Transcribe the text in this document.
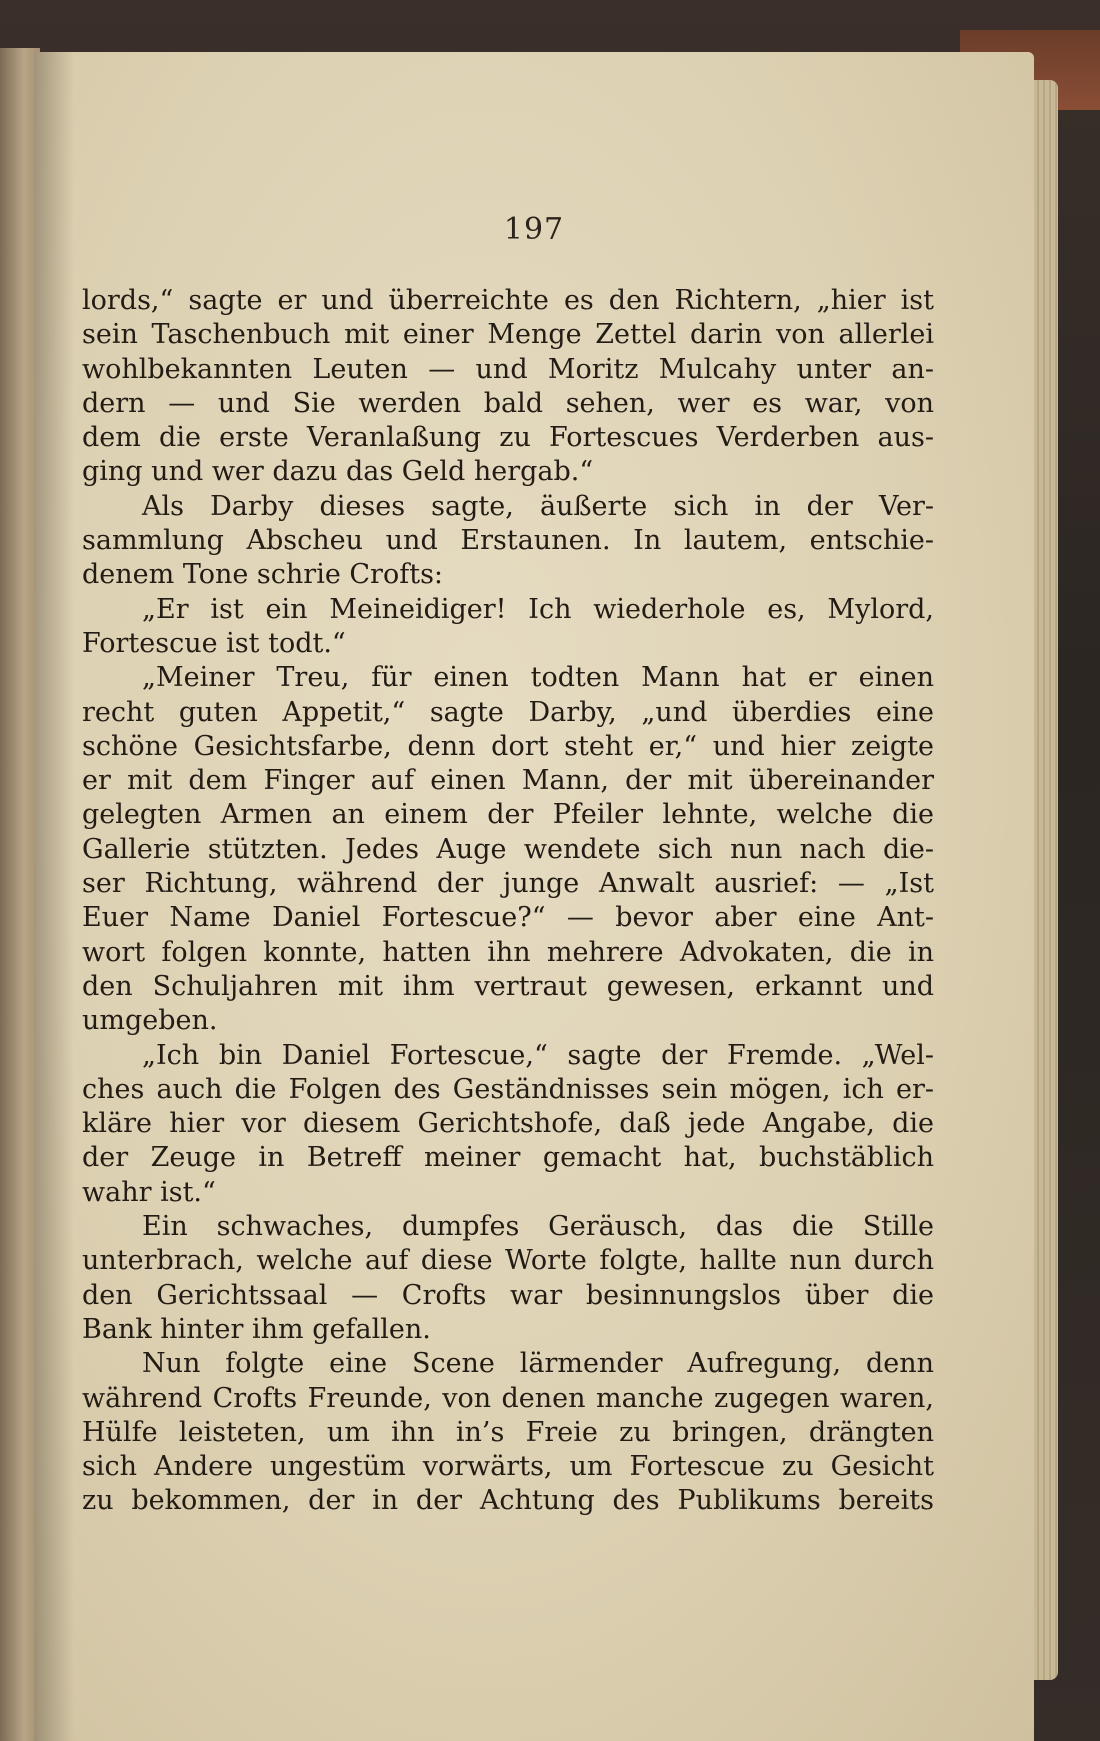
197
lords,“ sagte er und überreichte es den Richtern, „hier ist
sein Taschenbuch mit einer Menge Zettel darin von allerlei
wohlbekannten Leuten — und Moritz Mulcahy unter an-
dern — und Sie werden bald sehen, wer es war, von
dem die erste Veranlaßung zu Fortescues Verderben aus-
ging und wer dazu das Geld hergab.“
Als Darby dieses sagte, äußerte sich in der Ver-
sammlung Abscheu und Erstaunen. In lautem, entschie-
denem Tone schrie Crofts:
„Er ist ein Meineidiger! Ich wiederhole es, Mylord,
Fortescue ist todt.“
„Meiner Treu, für einen todten Mann hat er einen
recht guten Appetit,“ sagte Darby, „und überdies eine
schöne Gesichtsfarbe, denn dort steht er,“ und hier zeigte
er mit dem Finger auf einen Mann, der mit übereinander
gelegten Armen an einem der Pfeiler lehnte, welche die
Gallerie stützten. Jedes Auge wendete sich nun nach die-
ser Richtung, während der junge Anwalt ausrief: — „Ist
Euer Name Daniel Fortescue?“ — bevor aber eine Ant-
wort folgen konnte, hatten ihn mehrere Advokaten, die in
den Schuljahren mit ihm vertraut gewesen, erkannt und
umgeben.
„Ich bin Daniel Fortescue,“ sagte der Fremde. „Wel-
ches auch die Folgen des Geständnisses sein mögen, ich er-
kläre hier vor diesem Gerichtshofe, daß jede Angabe, die
der Zeuge in Betreff meiner gemacht hat, buchstäblich
wahr ist.“
Ein schwaches, dumpfes Geräusch, das die Stille
unterbrach, welche auf diese Worte folgte, hallte nun durch
den Gerichtssaal — Crofts war besinnungslos über die
Bank hinter ihm gefallen.
Nun folgte eine Scene lärmender Aufregung, denn
während Crofts Freunde, von denen manche zugegen waren,
Hülfe leisteten, um ihn in’s Freie zu bringen, drängten
sich Andere ungestüm vorwärts, um Fortescue zu Gesicht
zu bekommen, der in der Achtung des Publikums bereits
